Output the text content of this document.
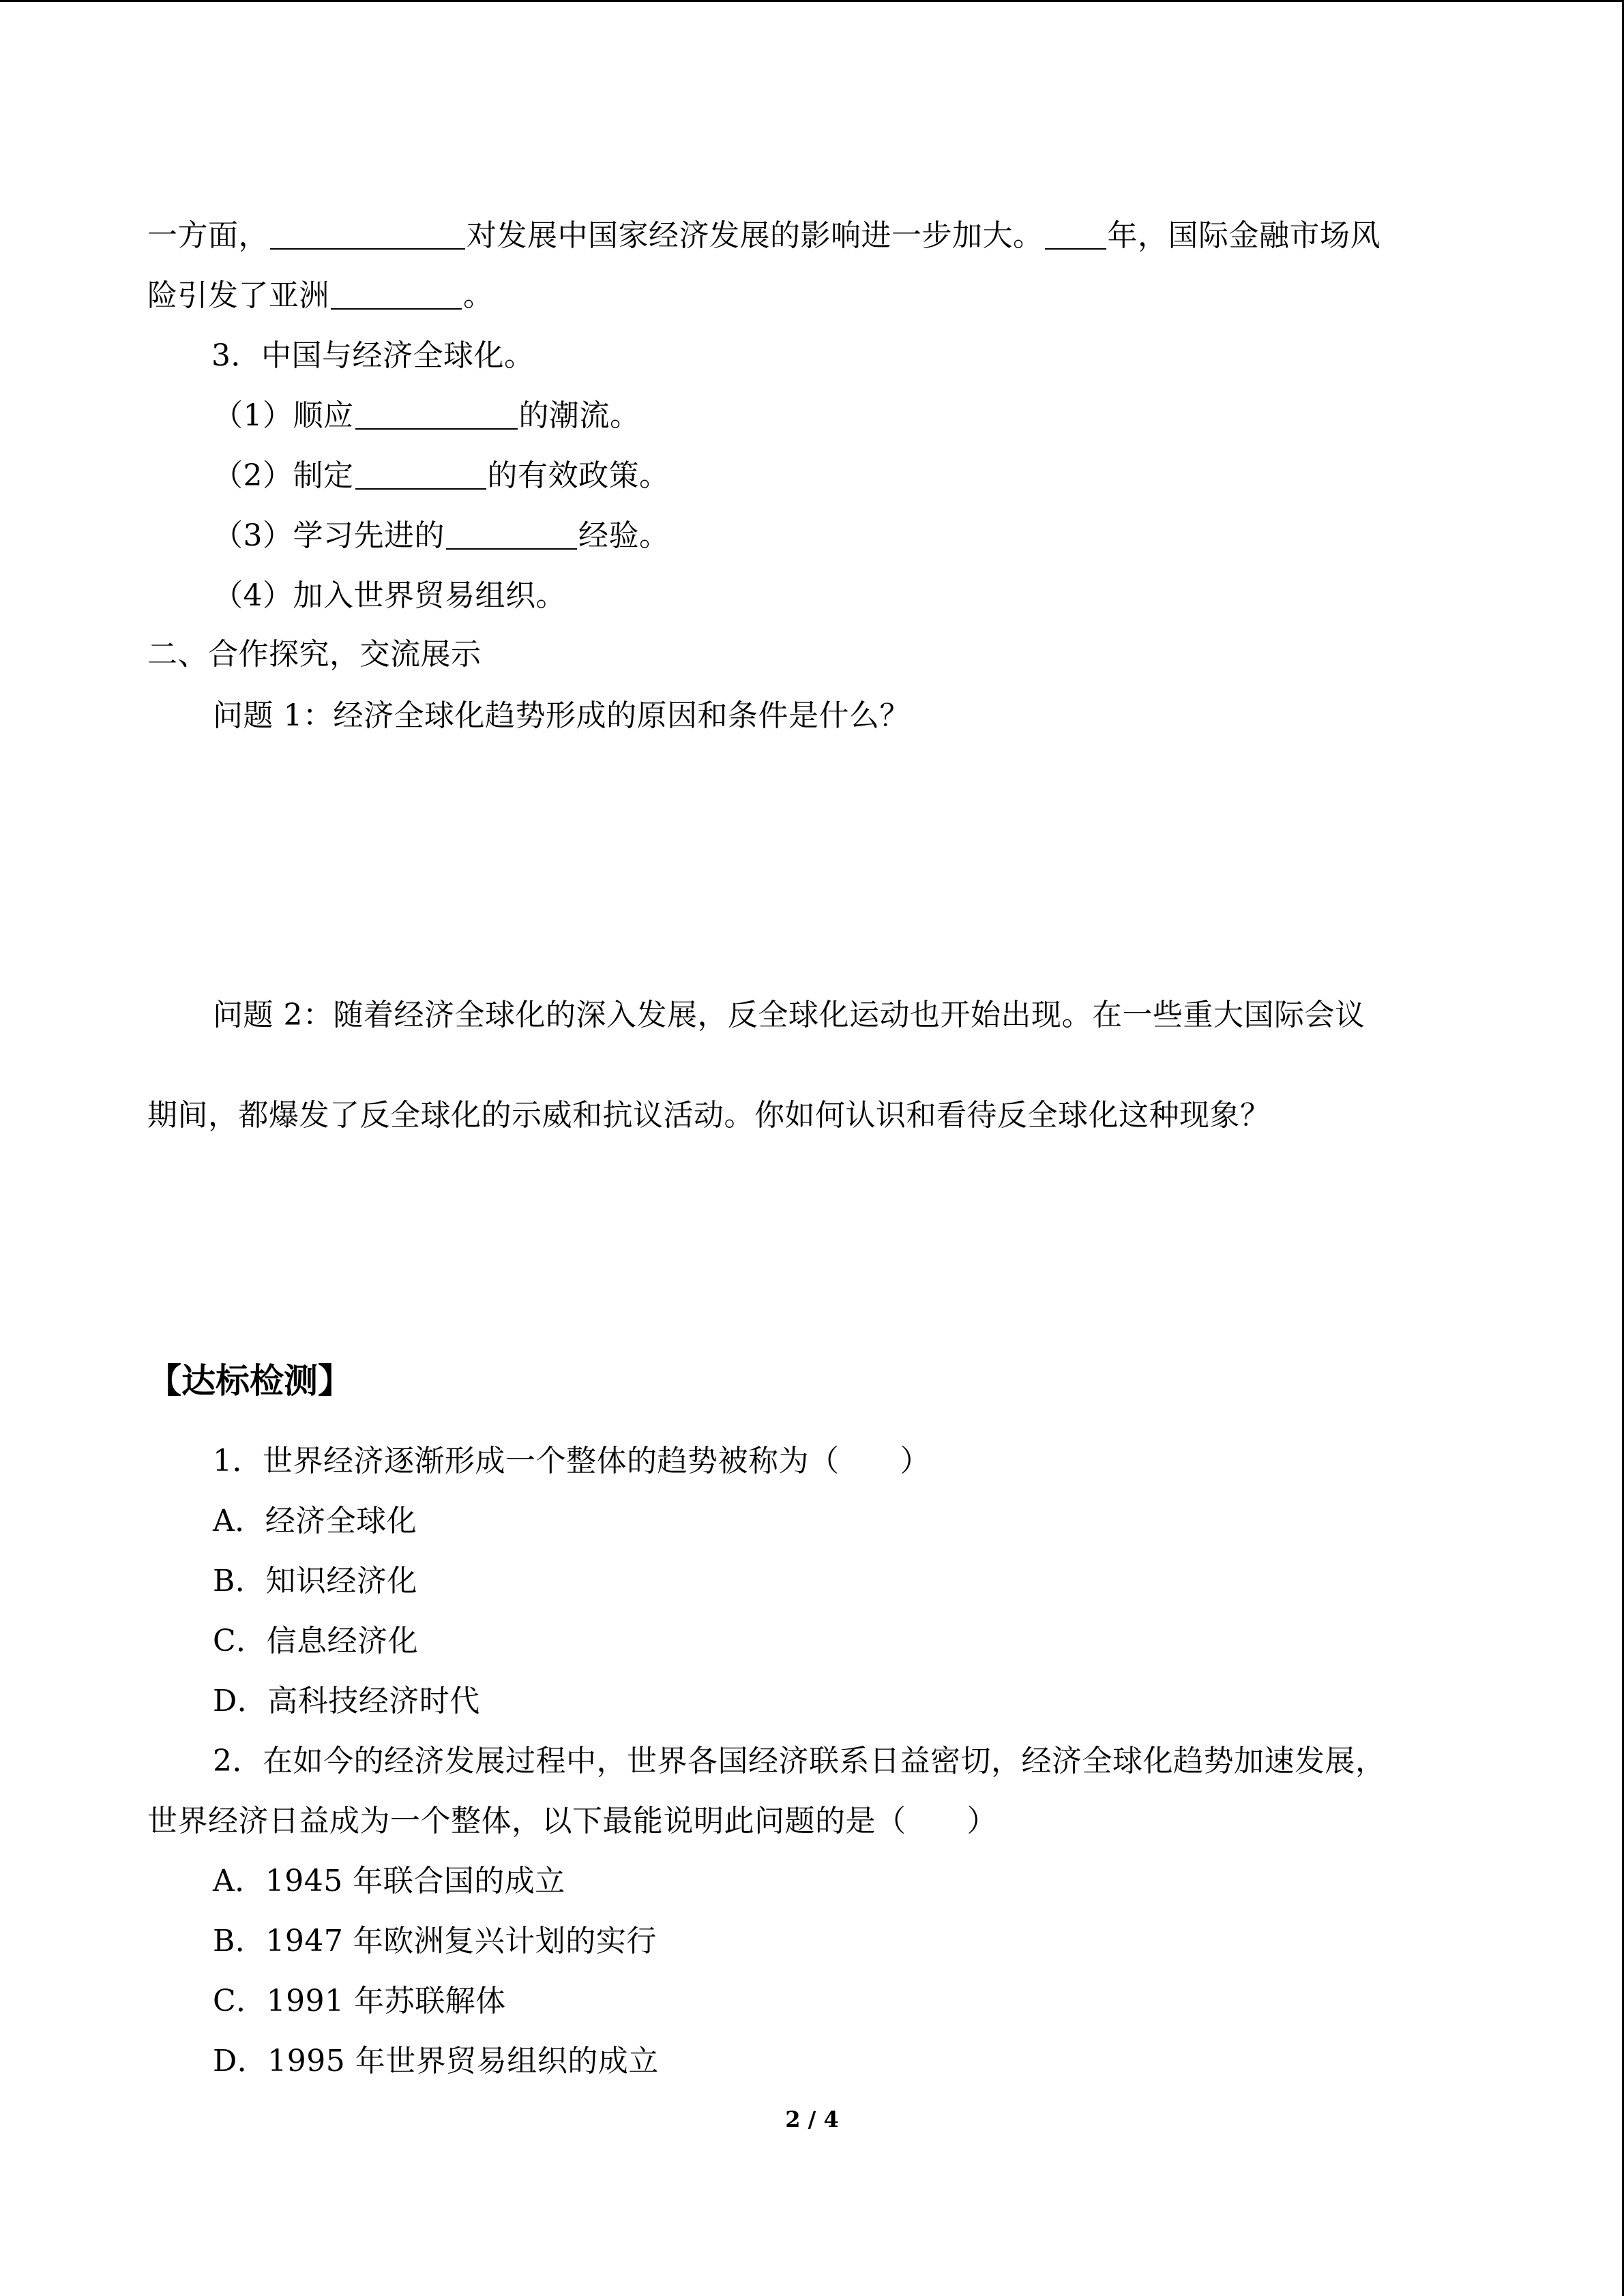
一方面，	对发展中国家经济发展的影响进一步加大。 年，国际金融市场风
险引发了亚洲	。
3．中国与经济全球化。
（1）顺应	的潮流。
（2）制定	的有效政策。
（3）学习先进的	经验。
（4）加入世界贸易组织。
二、合作探究，交流展示
问题 1：经济全球化趋势形成的原因和条件是什么？
问题 2：随着经济全球化的深入发展，反全球化运动也开始出现。在一些重大国际会议
期间，都爆发了反全球化的示威和抗议活动。你如何认识和看待反全球化这种现象？
【达标检测】
1．世界经济逐渐形成一个整体的趋势被称为（　　）
A．经济全球化
B．知识经济化
C．信息经济化
D．高科技经济时代
2．在如今的经济发展过程中，世界各国经济联系日益密切，经济全球化趋势加速发展，
世界经济日益成为一个整体，以下最能说明此问题的是（　　）
A．1945 年联合国的成立
B．1947 年欧洲复兴计划的实行
C．1991 年苏联解体
D．1995 年世界贸易组织的成立
2 / 4
